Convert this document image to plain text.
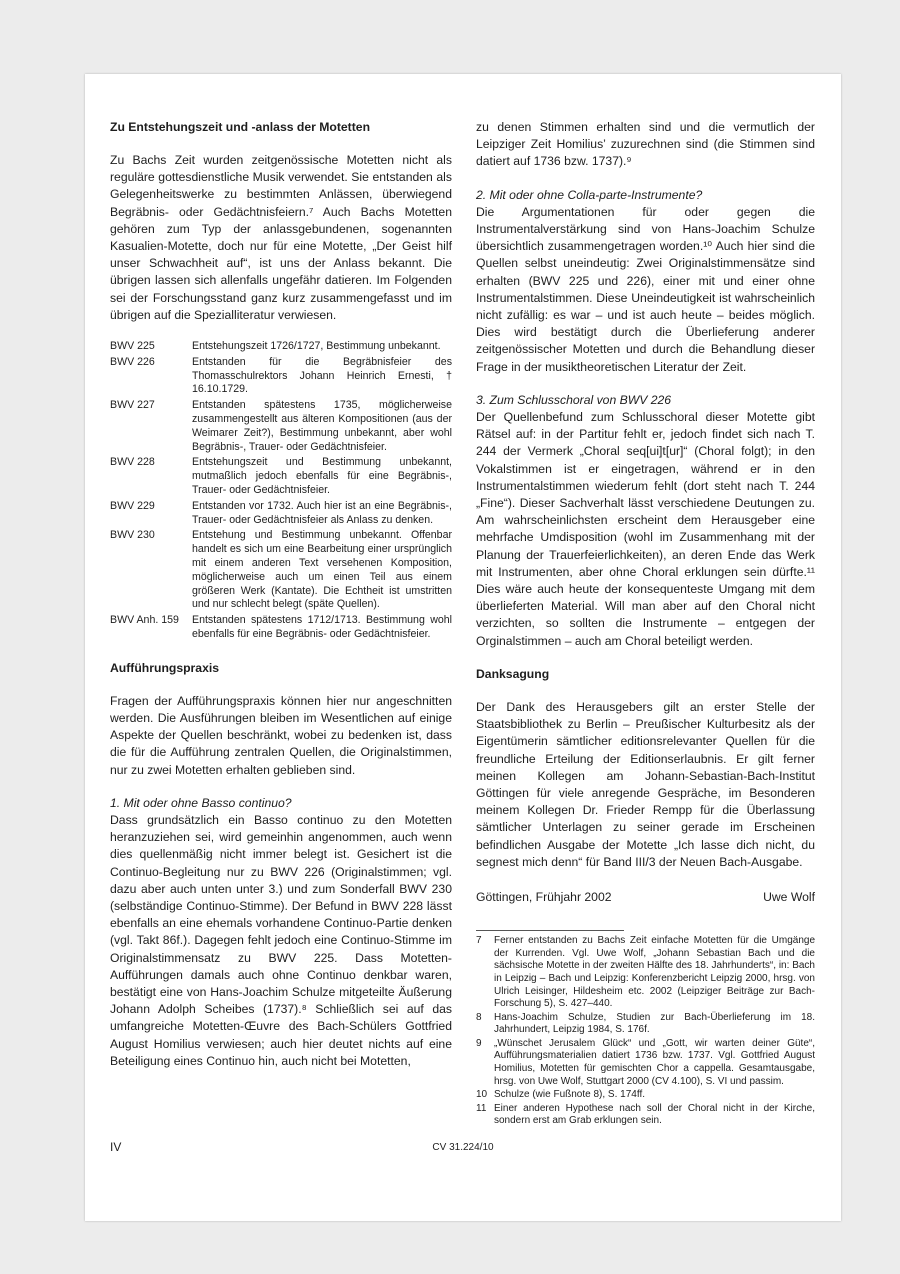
Zu Entstehungszeit und -anlass der Motetten

Zu Bachs Zeit wurden zeitgenössische Motetten nicht als reguläre gottesdienstliche Musik verwendet. Sie entstanden als Gelegenheitswerke zu bestimmten Anlässen, überwiegend Begräbnis- oder Gedächtnisfeiern.⁷ Auch Bachs Motetten gehören zum Typ der anlassgebundenen, sogenannten Kasualien-Motette, doch nur für eine Motette, „Der Geist hilf unser Schwachheit auf“, ist uns der Anlass bekannt. Die übrigen lassen sich allenfalls ungefähr datieren. Im Folgenden sei der Forschungsstand ganz kurz zusammengefasst und im übrigen auf die Spezialliteratur verwiesen.

BWV 225	Entstehungszeit 1726/1727, Bestimmung unbekannt.
BWV 226	Entstanden für die Begräbnisfeier des Thomasschulrektors Johann Heinrich Ernesti, † 16.10.1729.
BWV 227	Entstanden spätestens 1735, möglicherweise zusammengestellt aus älteren Kompositionen (aus der Weimarer Zeit?), Bestimmung unbekannt, aber wohl Begräbnis-, Trauer- oder Gedächtnisfeier.
BWV 228	Entstehungszeit und Bestimmung unbekannt, mutmaßlich jedoch ebenfalls für eine Begräbnis-, Trauer- oder Gedächtnisfeier.
BWV 229	Entstanden vor 1732. Auch hier ist an eine Begräbnis-, Trauer- oder Gedächtnisfeier als Anlass zu denken.
BWV 230	Entstehung und Bestimmung unbekannt. Offenbar handelt es sich um eine Bearbeitung einer ursprünglich mit einem anderen Text versehenen Komposition, möglicherweise auch um einen Teil aus einem größeren Werk (Kantate). Die Echtheit ist umstritten und nur schlecht belegt (späte Quellen).
BWV Anh. 159	Entstanden spätestens 1712/1713. Bestimmung wohl ebenfalls für eine Begräbnis- oder Gedächtnisfeier.
Aufführungspraxis

Fragen der Aufführungspraxis können hier nur angeschnitten werden. Die Ausführungen bleiben im Wesentlichen auf einige Aspekte der Quellen beschränkt, wobei zu bedenken ist, dass die für die Aufführung zentralen Quellen, die Originalstimmen, nur zu zwei Motetten erhalten geblieben sind.

1. Mit oder ohne Basso continuo?

Dass grundsätzlich ein Basso continuo zu den Motetten heranzuziehen sei, wird gemeinhin angenommen, auch wenn dies quellenmäßig nicht immer belegt ist. Gesichert ist die Continuo-Begleitung nur zu BWV 226 (Originalstimmen; vgl. dazu aber auch unten unter 3.) und zum Sonderfall BWV 230 (selbständige Continuo-Stimme). Der Befund in BWV 228 lässt ebenfalls an eine ehemals vorhandene Continuo-Partie denken (vgl. Takt 86f.). Dagegen fehlt jedoch eine Continuo-Stimme im Originalstimmensatz zu BWV 225. Dass Motetten-Aufführungen damals auch ohne Continuo denkbar waren, bestätigt eine von Hans-Joachim Schulze mitgeteilte Äußerung Johann Adolph Scheibes (1737).⁸ Schließlich sei auf das umfangreiche Motetten-Œuvre des Bach-Schülers Gottfried August Homilius verwiesen; auch hier deutet nichts auf eine Beteiligung eines Continuo hin, auch nicht bei Motetten,

zu denen Stimmen erhalten sind und die vermutlich der Leipziger Zeit Homilius’ zuzurechnen sind (die Stimmen sind datiert auf 1736 bzw. 1737).⁹

2. Mit oder ohne Colla-parte-Instrumente?

Die Argumentationen für oder gegen die Instrumentalverstärkung sind von Hans-Joachim Schulze übersichtlich zusammengetragen worden.¹⁰ Auch hier sind die Quellen selbst uneindeutig: Zwei Originalstimmensätze sind erhalten (BWV 225 und 226), einer mit und einer ohne Instrumentalstimmen. Diese Uneindeutigkeit ist wahrscheinlich nicht zufällig: es war – und ist auch heute – beides möglich. Dies wird bestätigt durch die Überlieferung anderer zeitgenössischer Motetten und durch die Behandlung dieser Frage in der musiktheoretischen Literatur der Zeit.

3. Zum Schlusschoral von BWV 226

Der Quellenbefund zum Schlusschoral dieser Motette gibt Rätsel auf: in der Partitur fehlt er, jedoch findet sich nach T. 244 der Vermerk „Choral seq[ui]t[ur]“ (Choral folgt); in den Vokalstimmen ist er eingetragen, während er in den Instrumentalstimmen wiederum fehlt (dort steht nach T. 244 „Fine“). Dieser Sachverhalt lässt verschiedene Deutungen zu. Am wahrscheinlichsten erscheint dem Herausgeber eine mehrfache Umdisposition (wohl im Zusammenhang mit der Planung der Trauerfeierlichkeiten), an deren Ende das Werk mit Instrumenten, aber ohne Choral erklungen sein dürfte.¹¹ Dies wäre auch heute der konsequenteste Umgang mit dem überlieferten Material. Will man aber auf den Choral nicht verzichten, so sollten die Instrumente – entgegen der Orginalstimmen – auch am Choral beteiligt werden.

Danksagung

Der Dank des Herausgebers gilt an erster Stelle der Staatsbibliothek zu Berlin – Preußischer Kulturbesitz als der Eigentümerin sämtlicher editionsrelevanter Quellen für die freundliche Erteilung der Editionserlaubnis. Er gilt ferner meinen Kollegen am Johann-Sebastian-Bach-Institut Göttingen für viele anregende Gespräche, im Besonderen meinem Kollegen Dr. Frieder Rempp für die Überlassung sämtlicher Unterlagen zu seiner gerade im Erscheinen befindlichen Ausgabe der Motette „Ich lasse dich nicht, du segnest mich denn“ für Band III/3 der Neuen Bach-Ausgabe.

Göttingen, Frühjahr 2002	Uwe Wolf
7	Ferner entstanden zu Bachs Zeit einfache Motetten für die Umgänge der Kurrenden. Vgl. Uwe Wolf, „Johann Sebastian Bach und die sächsische Motette in der zweiten Hälfte des 18. Jahrhunderts“, in: Bach in Leipzig – Bach und Leipzig: Konferenzbericht Leipzig 2000, hrsg. von Ulrich Leisinger, Hildesheim etc. 2002 (Leipziger Beiträge zur Bach-Forschung 5), S. 427–440.
8	Hans-Joachim Schulze, Studien zur Bach-Überlieferung im 18. Jahrhundert, Leipzig 1984, S. 176f.
9	„Wünschet Jerusalem Glück“ und „Gott, wir warten deiner Güte“, Aufführungsmaterialien datiert 1736 bzw. 1737. Vgl. Gottfried August Homilius, Motetten für gemischten Chor a cappella. Gesamtausgabe, hrsg. von Uwe Wolf, Stuttgart 2000 (CV 4.100), S. VI und passim.
10 Schulze (wie Fußnote 8), S. 174ff.
11 Einer anderen Hypothese nach soll der Choral nicht in der Kirche, sondern erst am Grab erklungen sein.
IV	CV 31.224/10
